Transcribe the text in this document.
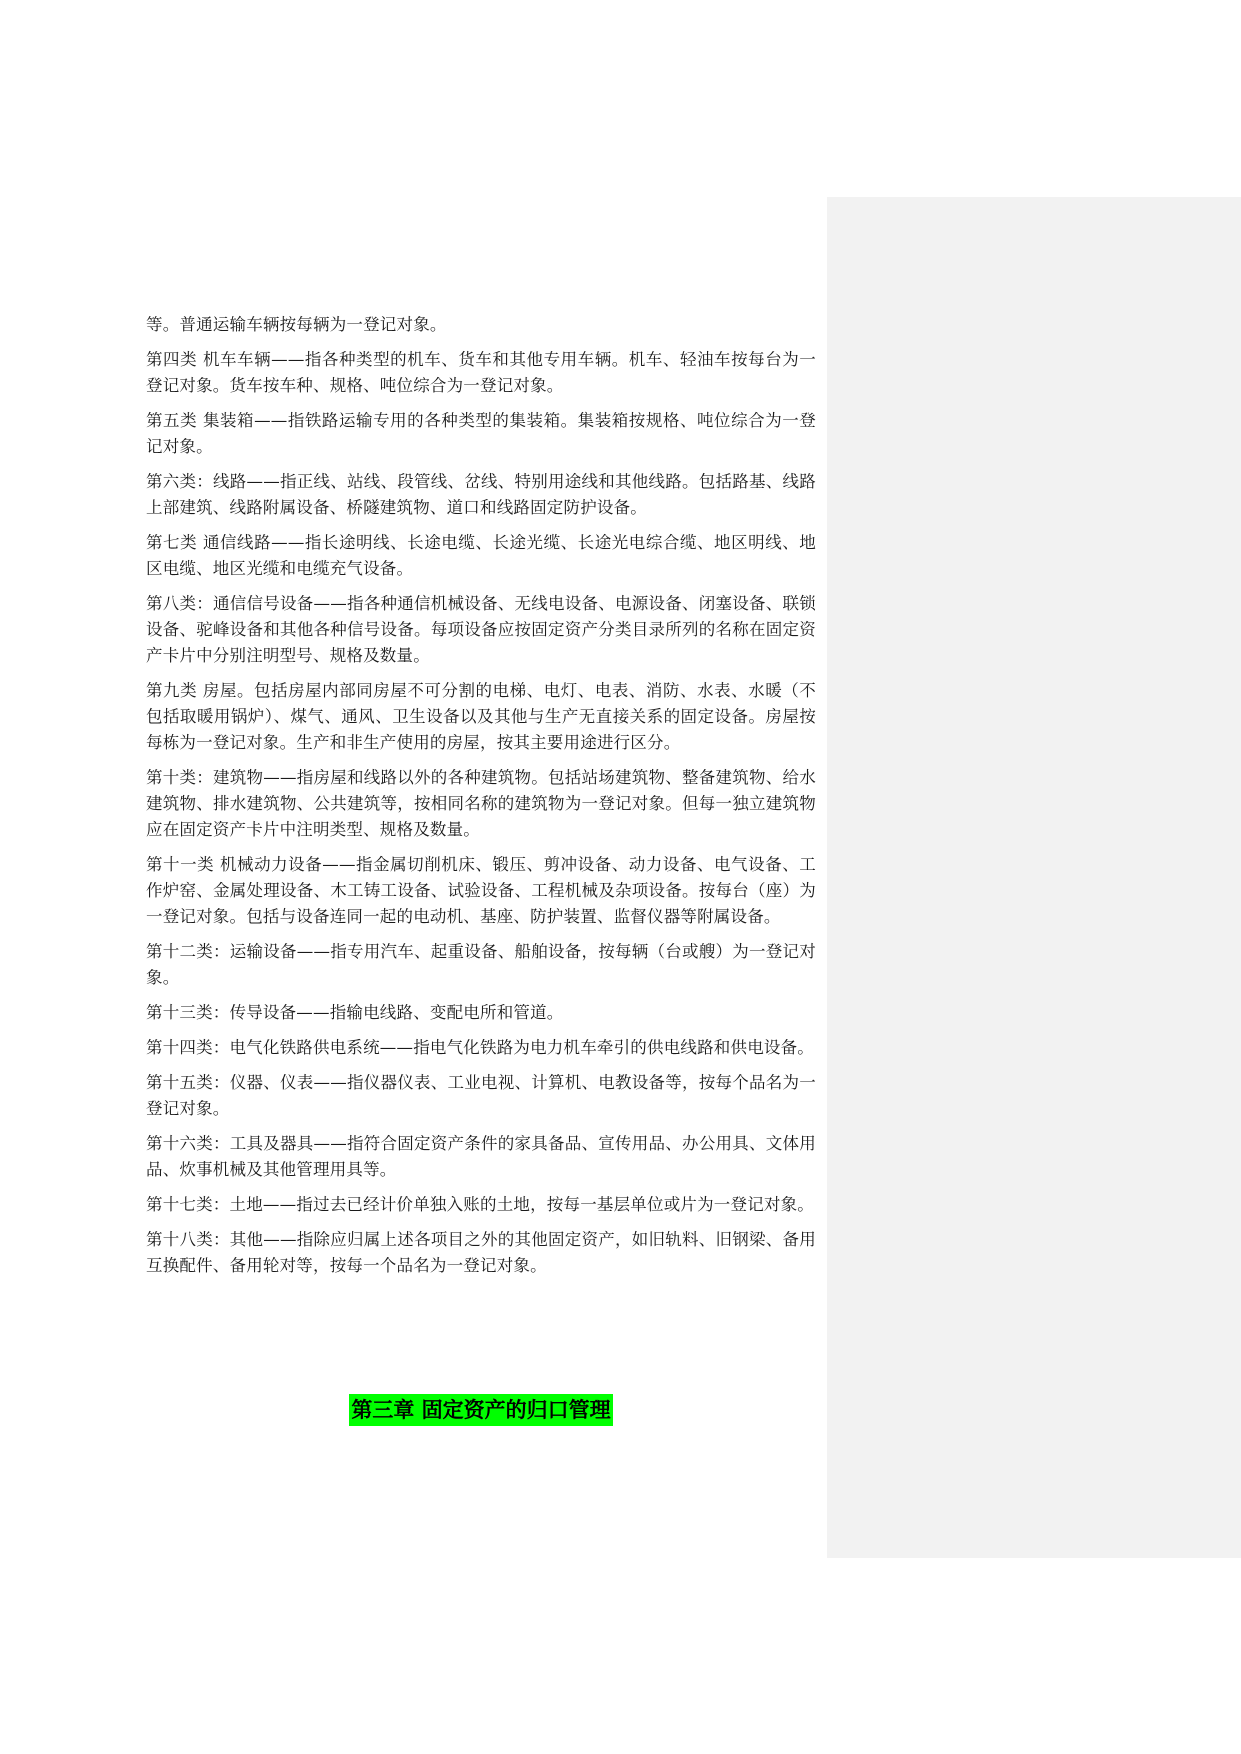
等。普通运输车辆按每辆为一登记对象。

第四类 机车车辆——指各种类型的机车、货车和其他专用车辆。机车、轻油车按每台为一登记对象。货车按车种、规格、吨位综合为一登记对象。

第五类 集装箱——指铁路运输专用的各种类型的集装箱。集装箱按规格、吨位综合为一登记对象。

第六类：线路——指正线、站线、段管线、岔线、特别用途线和其他线路。包括路基、线路上部建筑、线路附属设备、桥隧建筑物、道口和线路固定防护设备。

第七类 通信线路——指长途明线、长途电缆、长途光缆、长途光电综合缆、地区明线、地区电缆、地区光缆和电缆充气设备。

第八类：通信信号设备——指各种通信机械设备、无线电设备、电源设备、闭塞设备、联锁设备、驼峰设备和其他各种信号设备。每项设备应按固定资产分类目录所列的名称在固定资产卡片中分别注明型号、规格及数量。

第九类 房屋。包括房屋内部同房屋不可分割的电梯、电灯、电表、消防、水表、水暖（不包括取暖用锅炉）、煤气、通风、卫生设备以及其他与生产无直接关系的固定设备。房屋按每栋为一登记对象。生产和非生产使用的房屋，按其主要用途进行区分。

第十类：建筑物——指房屋和线路以外的各种建筑物。包括站场建筑物、整备建筑物、给水建筑物、排水建筑物、公共建筑等，按相同名称的建筑物为一登记对象。但每一独立建筑物应在固定资产卡片中注明类型、规格及数量。

第十一类 机械动力设备——指金属切削机床、锻压、剪冲设备、动力设备、电气设备、工作炉窑、金属处理设备、木工铸工设备、试验设备、工程机械及杂项设备。按每台（座）为一登记对象。包括与设备连同一起的电动机、基座、防护装置、监督仪器等附属设备。

第十二类：运输设备——指专用汽车、起重设备、船舶设备，按每辆（台或艘）为一登记对象。

第十三类：传导设备——指输电线路、变配电所和管道。

第十四类：电气化铁路供电系统——指电气化铁路为电力机车牵引的供电线路和供电设备。

第十五类：仪器、仪表——指仪器仪表、工业电视、计算机、电教设备等，按每个品名为一登记对象。

第十六类：工具及器具——指符合固定资产条件的家具备品、宣传用品、办公用具、文体用品、炊事机械及其他管理用具等。

第十七类：土地——指过去已经计价单独入账的土地，按每一基层单位或片为一登记对象。

第十八类：其他——指除应归属上述各项目之外的其他固定资产，如旧轨料、旧钢梁、备用互换配件、备用轮对等，按每一个品名为一登记对象。

第三章 固定资产的归口管理
